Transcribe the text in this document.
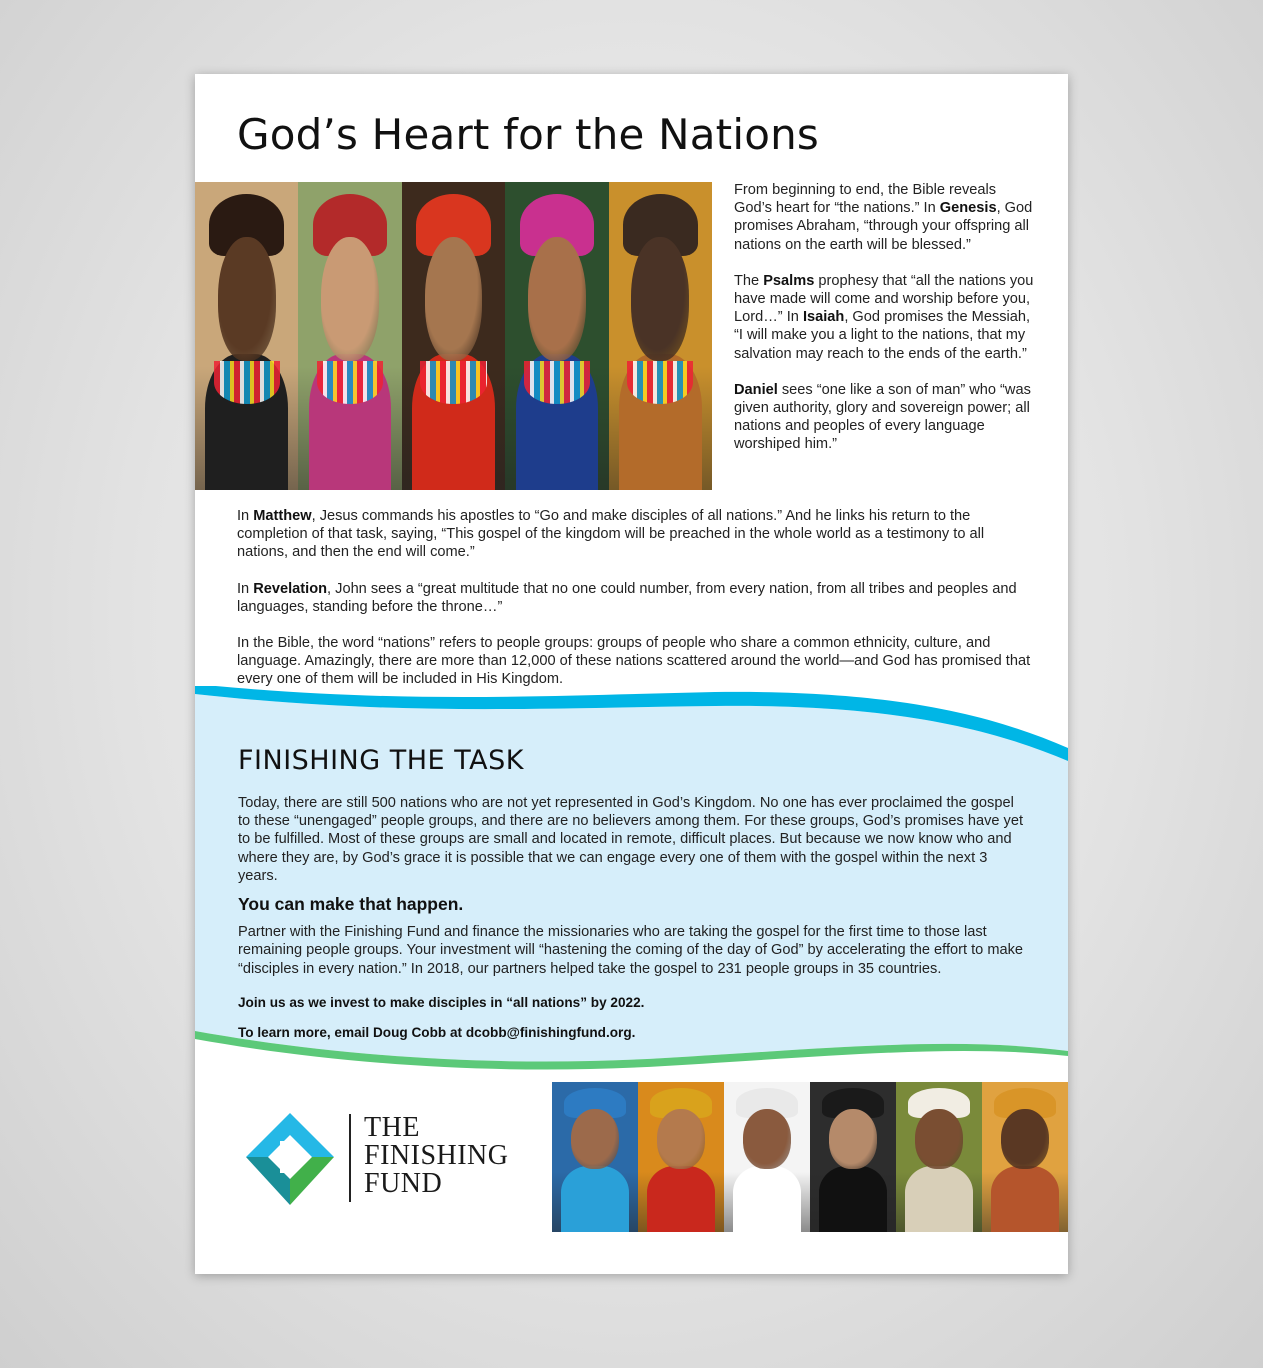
God’s Heart for the Nations

From beginning to end, the Bible reveals God’s heart for “the nations.” In Genesis, God promises Abraham, “through your offspring all nations on the earth will be blessed.”

The Psalms prophesy that “all the nations you have made will come and worship before you, Lord…” In Isaiah, God promises the Messiah, “I will make you a light to the nations, that my salvation may reach to the ends of the earth.”

Daniel sees “one like a son of man” who “was given authority, glory and sovereign power; all nations and peoples of every language worshiped him.”

In Matthew, Jesus commands his apostles to “Go and make disciples of all nations.” And he links his return to the completion of that task, saying, “This gospel of the kingdom will be preached in the whole world as a testimony to all nations, and then the end will come.”

In Revelation, John sees a “great multitude that no one could number, from every nation, from all tribes and peoples and languages, standing before the throne…”

In the Bible, the word “nations” refers to people groups: groups of people who share a common ethnicity, culture, and language. Amazingly, there are more than 12,000 of these nations scattered around the world—and God has promised that every one of them will be included in His Kingdom.

FINISHING THE TASK

Today, there are still 500 nations who are not yet represented in God’s Kingdom. No one has ever proclaimed the gospel to these “unengaged” people groups, and there are no believers among them. For these groups, God’s promises have yet to be fulfilled. Most of these groups are small and located in remote, difficult places. But because we now know who and where they are, by God’s grace it is possible that we can engage every one of them with the gospel within the next 3 years.

You can make that happen.

Partner with the Finishing Fund and finance the missionaries who are taking the gospel for the first time to those last remaining people groups. Your investment will “hastening the coming of the day of God” by accelerating the effort to make “disciples in every nation.” In 2018, our partners helped take the gospel to 231 people groups in 35 countries.

Join us as we invest to make disciples in “all nations” by 2022.

To learn more, email Doug Cobb at dcobb@finishingfund.org.

THE
FINISHING
FUND
